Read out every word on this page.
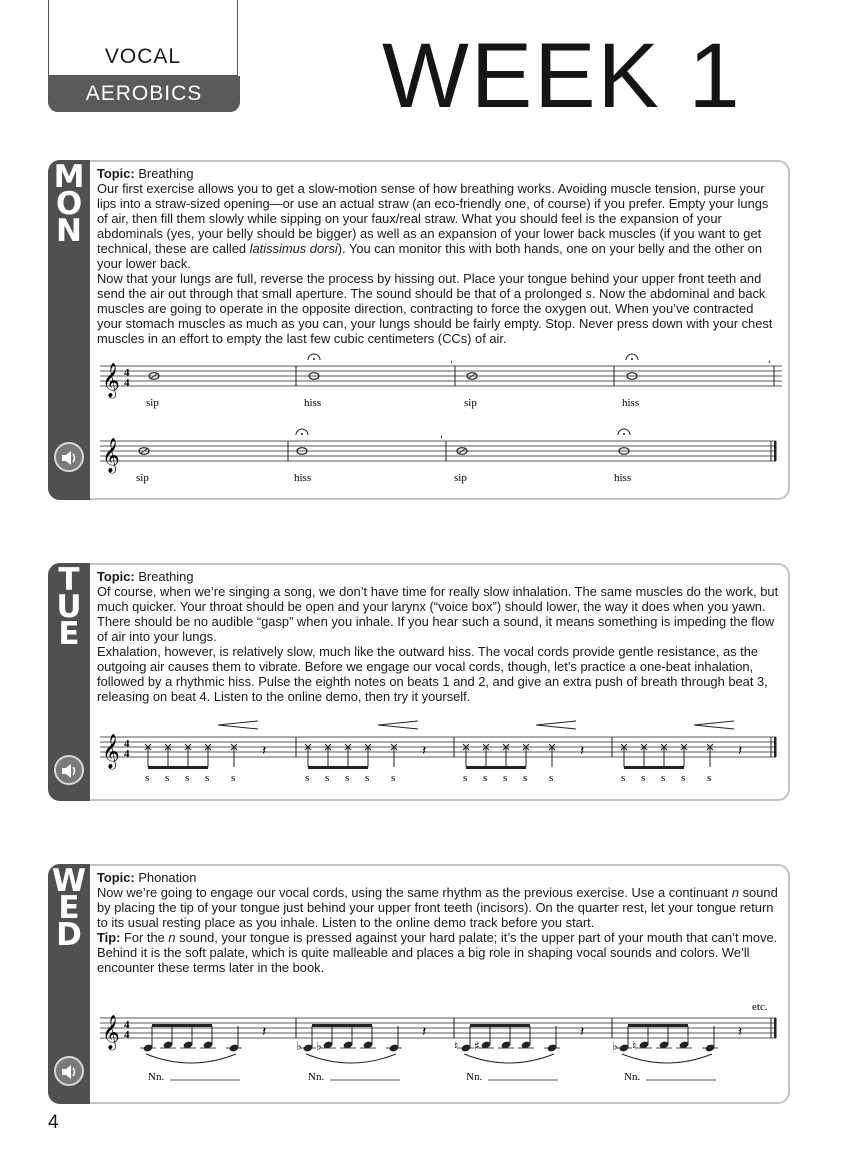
VOCAL
AEROBICS	WEEK 1
M
O
N

Topic: Breathing

Our first exercise allows you to get a slow-motion sense of how breathing works. Avoiding muscle tension, purse your lips into a straw-sized opening—or use an actual straw (an eco-friendly one, of course) if you prefer. Empty your lungs of air, then fill them slowly while sipping on your faux/real straw. What you should feel is the expansion of your abdominals (yes, your belly should be bigger) as well as an expansion of your lower back muscles (if you want to get technical, these are called latissimus dorsi). You can monitor this with both hands, one on your belly and the other on your lower back.

Now that your lungs are full, reverse the process by hissing out. Place your tongue behind your upper front teeth and send the air out through that small aperture. The sound should be that of a prolonged s. Now the abdominal and back muscles are going to operate in the opposite direction, contracting to force the oxygen out. When you’ve contracted your stomach muscles as much as you can, your lungs should be fairly empty. Stop. Never press down with your chest muscles in an effort to empty the last few cubic centimeters (CCs) of air.

𝄞 4
4
,	,
sip	hiss	sip	hiss
𝄞
,
sip	hiss	sip	hiss
T
U
E

Topic: Breathing

Of course, when we’re singing a song, we don’t have time for really slow inhalation. The same muscles do the work, but much quicker. Your throat should be open and your larynx (“voice box”) should lower, the way it does when you yawn. There should be no audible “gasp” when you inhale. If you hear such a sound, it means something is impeding the flow of air into your lungs.

Exhalation, however, is relatively slow, much like the outward hiss. The vocal cords provide gentle resistance, as the outgoing air causes them to vibrate. Before we engage our vocal cords, though, let’s practice a one-beat inhalation, followed by a rhythmic hiss. Pulse the eighth notes on beats 1 and 2, and give an extra push of breath through beat 3, releasing on beat 4. Listen to the online demo, then try it yourself.

𝄞 4
4
s s s s s
𝄽
s s s s s
𝄽
s s s s s
𝄽
s s s s s
𝄽
W
E
D

Topic: Phonation

Now we’re going to engage our vocal cords, using the same rhythm as the previous exercise. Use a continuant n sound by placing the tip of your tongue just behind your upper front teeth (incisors). On the quarter rest, let your tongue return to its usual resting place as you inhale. Listen to the online demo track before you start.

Tip: For the n sound, your tongue is pressed against your hard palate; it’s the upper part of your mouth that can’t move. Behind it is the soft palate, which is quite malleable and places a big role in shaping vocal sounds and colors. We’ll encounter these terms later in the book.

𝄞 4
4
etc.
𝄽
Nn.
♭ ♭
𝄽
Nn.
♮ ♯
𝄽
Nn.
♭ ♮
𝄽
Nn.
4
